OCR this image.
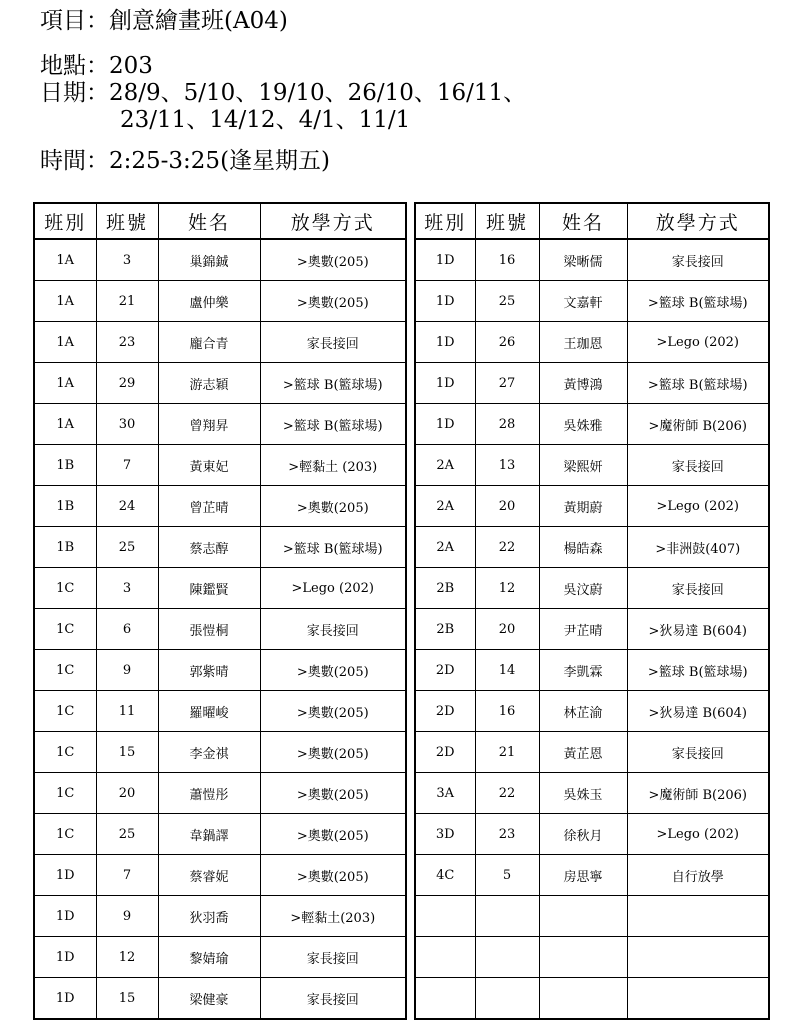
項目：創意繪畫班(A04)
地點：203
日期：28/9、5/10、19/10、26/10、16/11、
23/11、14/12、4/1、11/1
時間：2:25-3:25(逢星期五)
班別	班號	姓名	放學方式
1A	3	巢錦鋮	>奧數(205)
1A	21	盧仲樂	>奧數(205)
1A	23	龐合青	家長接回
1A	29	游志穎	>籃球 B(籃球場)
1A	30	曾翔昇	>籃球 B(籃球場)
1B	7	黃東妃	>輕黏土 (203)
1B	24	曾芷晴	>奧數(205)
1B	25	蔡志醇	>籃球 B(籃球場)
1C	3	陳鑑賢	>Lego (202)
1C	6	張愷桐	家長接回
1C	9	郭紫晴	>奧數(205)
1C	11	羅曜峻	>奧數(205)
1C	15	李金祺	>奧數(205)
1C	20	蕭愷彤	>奧數(205)
1C	25	韋鍋譯	>奧數(205)
1D	7	蔡睿妮	>奧數(205)
1D	9	狄羽喬	>輕黏土(203)
1D	12	黎婧瑜	家長接回
1D	15	梁健豪	家長接回
班別	班號	姓名	放學方式
1D	16	梁晰儒	家長接回
1D	25	文嘉軒	>籃球 B(籃球場)
1D	26	王珈恩	>Lego (202)
1D	27	黃博鴻	>籃球 B(籃球場)
1D	28	吳姝雅	>魔術師 B(206)
2A	13	梁熙妍	家長接回
2A	20	黃期蔚	>Lego (202)
2A	22	楊皓森	>非洲鼓(407)
2B	12	吳汶蔚	家長接回
2B	20	尹芷晴	>狄易達 B(604)
2D	14	李凱霖	>籃球 B(籃球場)
2D	16	林芷渝	>狄易達 B(604)
2D	21	黃芷恩	家長接回
3A	22	吳姝玉	>魔術師 B(206)
3D	23	徐秋月	>Lego (202)
4C	5	房思寧	自行放學
